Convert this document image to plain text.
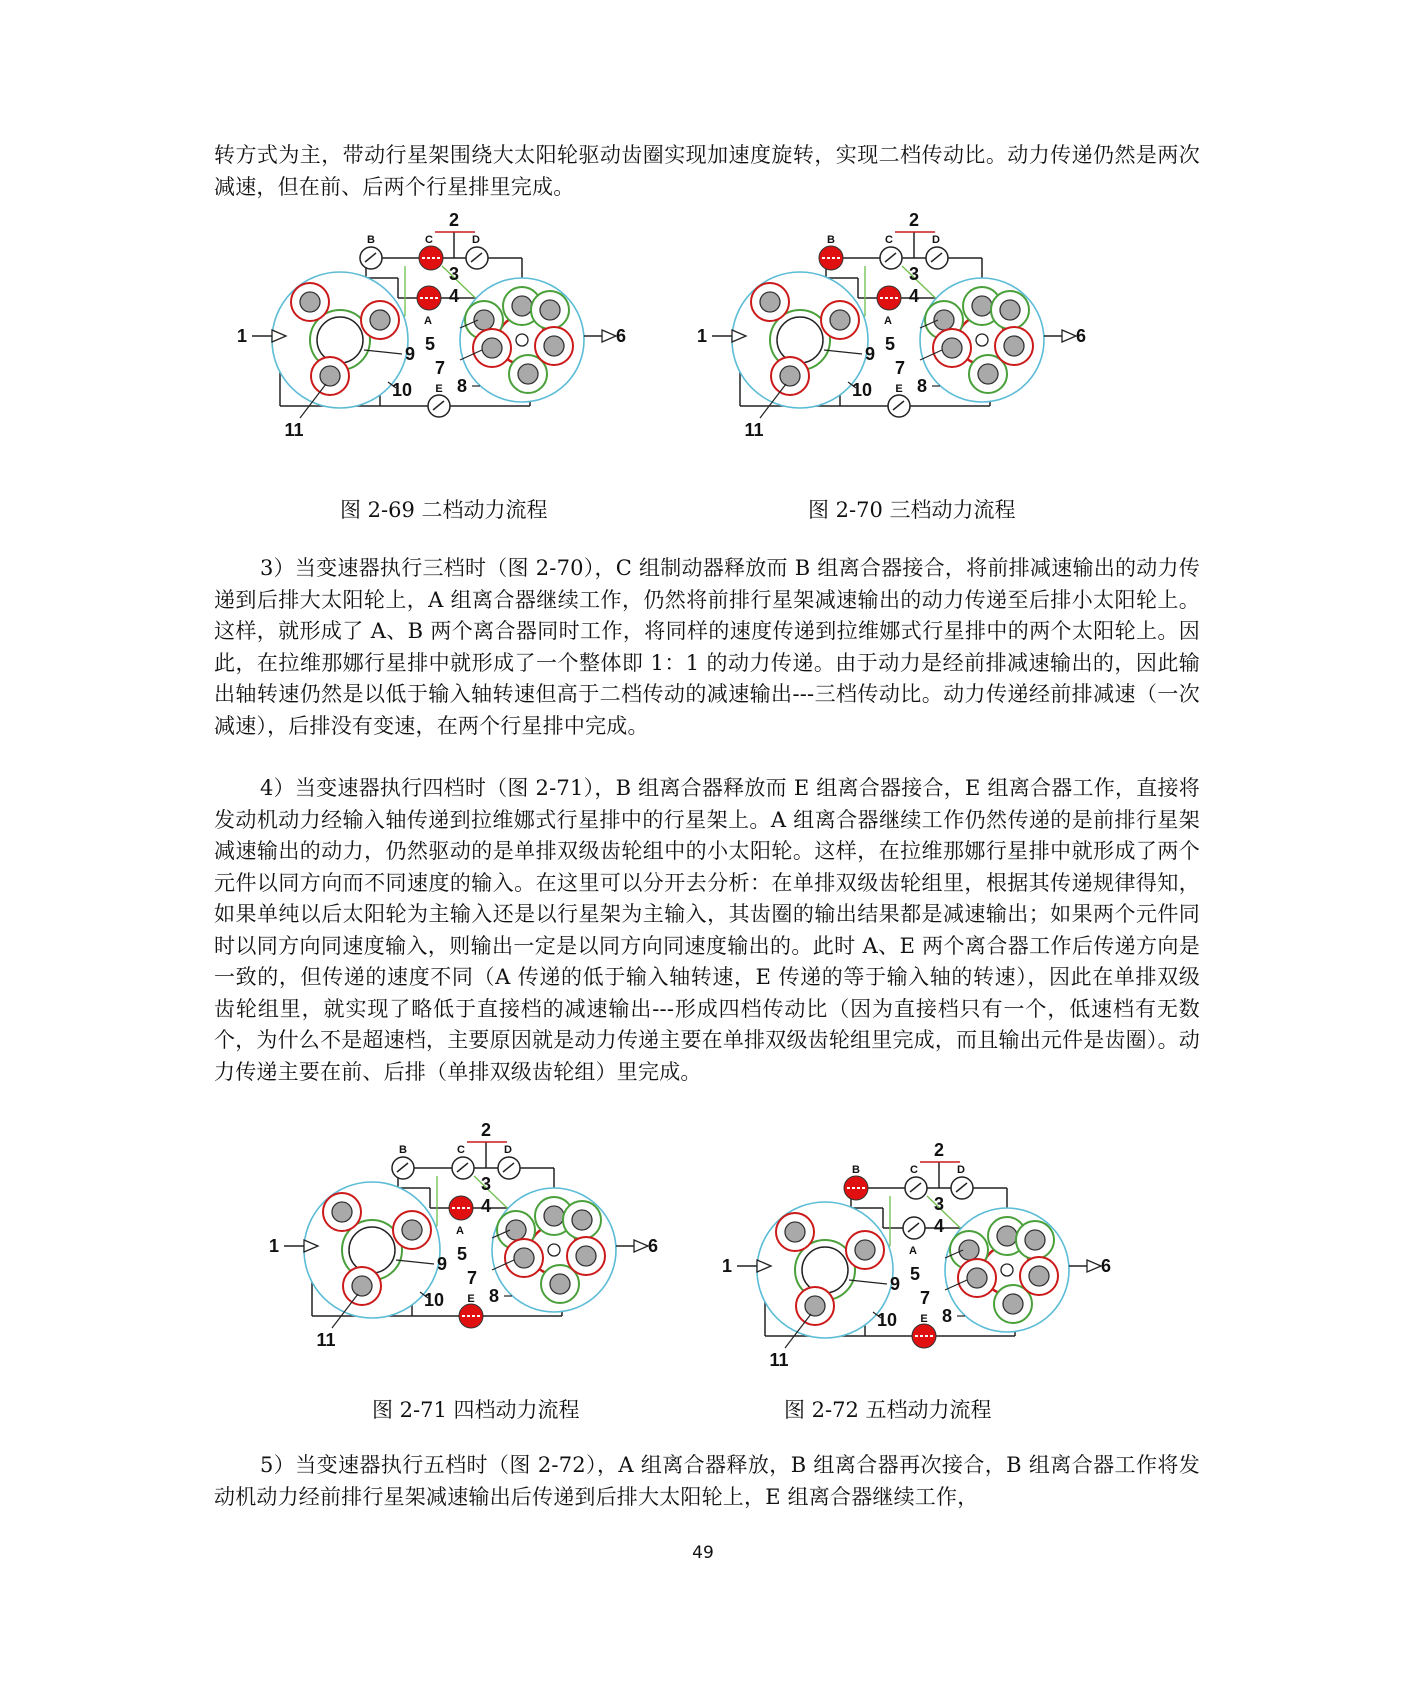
转方式为主，带动行星架围绕大太阳轮驱动齿圈实现加速度旋转，实现二档传动比。动力传递仍然是两次减速，但在前、后两个行星排里完成。

B	C	D
A
E
2
3
4
1	5	6
7
8
9
10
11
图 2-69 二档动力流程
B	C	D
A
E
2
3
4
1	5	6
7
8
9
10
11
图 2-70 三档动力流程

3）当变速器执行三档时（图 2-70），C 组制动器释放而 B 组离合器接合，将前排减速输出的动力传递到后排大太阳轮上，A 组离合器继续工作，仍然将前排行星架减速输出的动力传递至后排小太阳轮上。这样，就形成了 A、B 两个离合器同时工作，将同样的速度传递到拉维娜式行星排中的两个太阳轮上。因此，在拉维那娜行星排中就形成了一个整体即 1：1 的动力传递。由于动力是经前排减速输出的，因此输出轴转速仍然是以低于输入轴转速但高于二档传动的减速输出---三档传动比。动力传递经前排减速（一次减速），后排没有变速，在两个行星排中完成。

4）当变速器执行四档时（图 2-71），B 组离合器释放而 E 组离合器接合，E 组离合器工作，直接将发动机动力经输入轴传递到拉维娜式行星排中的行星架上。A 组离合器继续工作仍然传递的是前排行星架减速输出的动力，仍然驱动的是单排双级齿轮组中的小太阳轮。这样，在拉维那娜行星排中就形成了两个元件以同方向而不同速度的输入。在这里可以分开去分析：在单排双级齿轮组里，根据其传递规律得知，如果单纯以后太阳轮为主输入还是以行星架为主输入，其齿圈的输出结果都是减速输出；如果两个元件同时以同方向同速度输入，则输出一定是以同方向同速度输出的。此时 A、E 两个离合器工作后传递方向是一致的，但传递的速度不同（A 传递的低于输入轴转速，E 传递的等于输入轴的转速），因此在单排双级齿轮组里，就实现了略低于直接档的减速输出---形成四档传动比（因为直接档只有一个，低速档有无数个，为什么不是超速档，主要原因就是动力传递主要在单排双级齿轮组里完成，而且输出元件是齿圈）。动力传递主要在前、后排（单排双级齿轮组）里完成。

B	C	D
A
E
2
3
4
1	5	6
7
8
9
10
11
图 2-71 四档动力流程
B	C	D
A
E
2
3
4
1	5	6
7
8
9
10
11
图 2-72 五档动力流程

5）当变速器执行五档时（图 2-72），A 组离合器释放，B 组离合器再次接合，B 组离合器工作将发动机动力经前排行星架减速输出后传递到后排大太阳轮上，E 组离合器继续工作，

49
